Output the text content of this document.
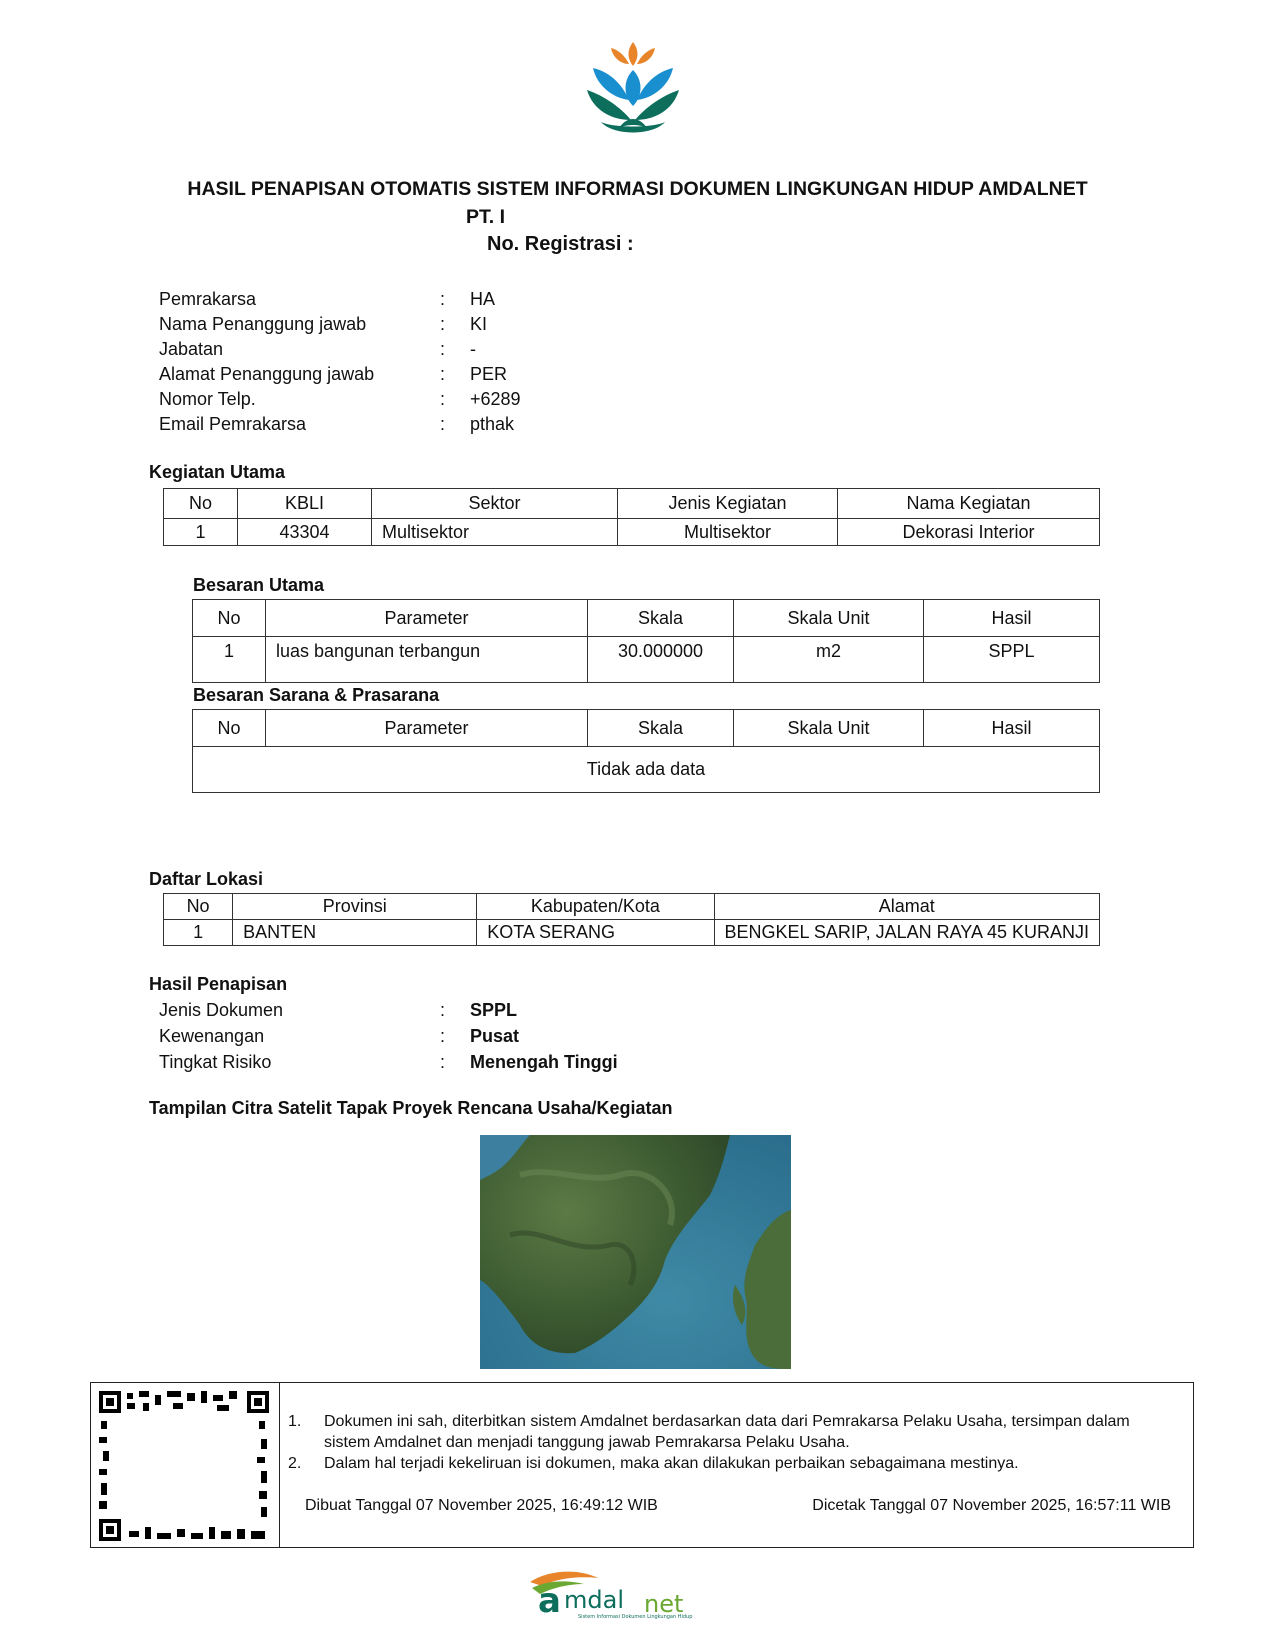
HASIL PENAPISAN OTOMATIS SISTEM INFORMASI DOKUMEN LINGKUNGAN HIDUP AMDALNET
PT. I
No. Registrasi :
Pemrakarsa	: HA
Nama Penanggung jawab	: KI
Jabatan	: -
Alamat Penanggung jawab	: PER
Nomor Telp.	: +6289
Email Pemrakarsa	: pthak
Kegiatan Utama
No	KBLI	Sektor	Jenis Kegiatan	Nama Kegiatan
1	43304	Multisektor	Multisektor	Dekorasi Interior
Besaran Utama
No	Parameter	Skala	Skala Unit	Hasil
1	luas bangunan terbangun	30.000000	m2	SPPL
Besaran Sarana & Prasarana
No	Parameter	Skala	Skala Unit	Hasil
Tidak ada data
Daftar Lokasi
No	Provinsi	Kabupaten/Kota	Alamat
1	BANTEN	KOTA SERANG	BENGKEL SARIP, JALAN RAYA 45 KURANJI
Hasil Penapisan
Jenis Dokumen	: SPPL
Kewenangan	: Pusat
Tingkat Risiko	: Menengah Tinggi
Tampilan Citra Satelit Tapak Proyek Rencana Usaha/Kegiatan
1. Dokumen ini sah, diterbitkan sistem Amdalnet berdasarkan data dari Pemrakarsa Pelaku Usaha, tersimpan dalam sistem Amdalnet dan menjadi tanggung jawab Pemrakarsa Pelaku Usaha.
2. Dalam hal terjadi kekeliruan isi dokumen, maka akan dilakukan perbaikan sebagaimana mestinya.
Dibuat Tanggal 07 November 2025, 16:49:12 WIB	Dicetak Tanggal 07 November 2025, 16:57:11 WIB
a mdal net
Sistem Informasi Dokumen Lingkungan Hidup
